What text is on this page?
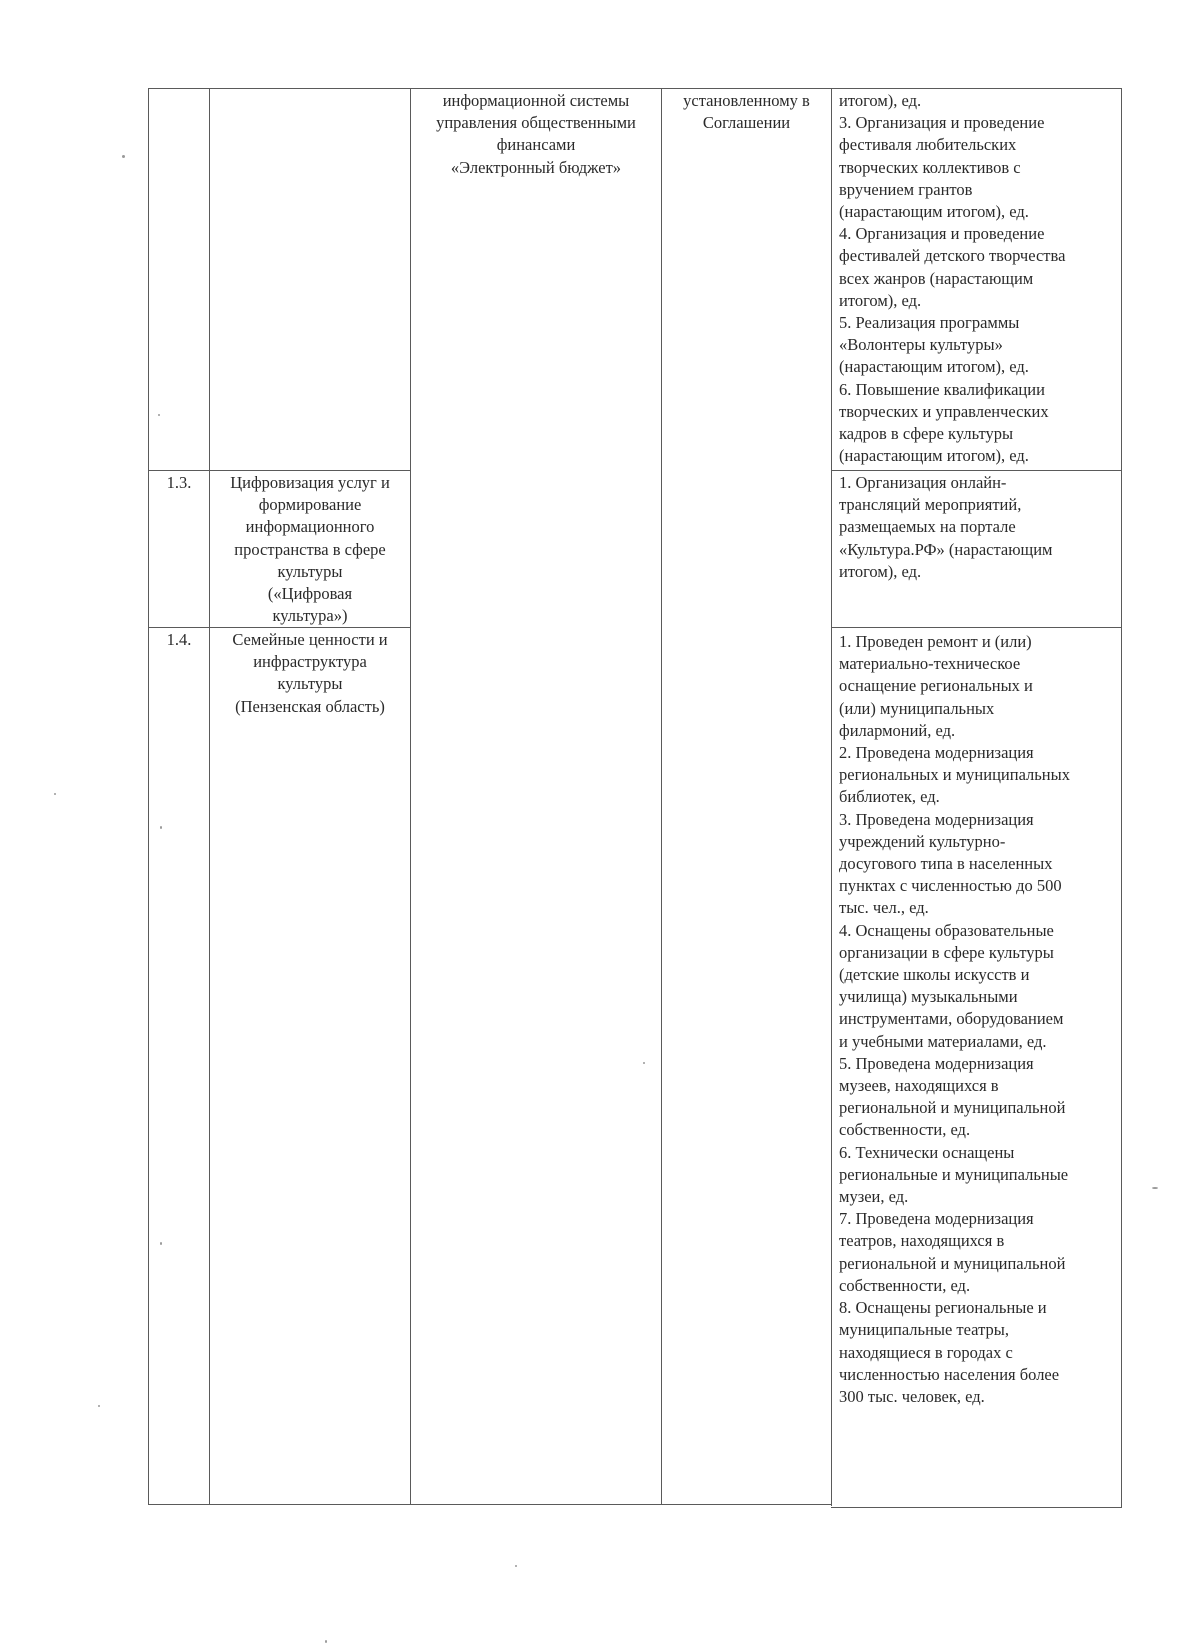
информационной системы
управления общественными
финансами
«Электронный бюджет»
установленному в
Соглашении
итогом), ед.
3. Организация и проведение
фестиваля любительских
творческих коллективов с
вручением грантов
(нарастающим итогом), ед.
4. Организация и проведение
фестивалей детского творчества
всех жанров (нарастающим
итогом), ед.
5. Реализация программы
«Волонтеры культуры»
(нарастающим итогом), ед.
6. Повышение квалификации
творческих и управленческих
кадров в сфере культуры
(нарастающим итогом), ед.
1.3.	Цифровизация услуг и
формирование
информационного
пространства в сфере
культуры
(«Цифровая
культура»)
1. Организация онлайн-
трансляций мероприятий,
размещаемых на портале
«Культура.РФ» (нарастающим
итогом), ед.
1.4.	Семейные ценности и
инфраструктура
культуры
(Пензенская область)
1. Проведен ремонт и (или)
материально-техническое
оснащение региональных и
(или) муниципальных
филармоний, ед.
2. Проведена модернизация
региональных и муниципальных
библиотек, ед.
3. Проведена модернизация
учреждений культурно-
досугового типа в населенных
пунктах с численностью до 500
тыс. чел., ед.
4. Оснащены образовательные
организации в сфере культуры
(детские школы искусств и
училища) музыкальными
инструментами, оборудованием
и учебными материалами, ед.
5. Проведена модернизация
музеев, находящихся в
региональной и муниципальной
собственности, ед.
6. Технически оснащены
региональные и муниципальные
музеи, ед.
7. Проведена модернизация
театров, находящихся в
региональной и муниципальной
собственности, ед.
8. Оснащены региональные и
муниципальные театры,
находящиеся в городах с
численностью населения более
300 тыс. человек, ед.
